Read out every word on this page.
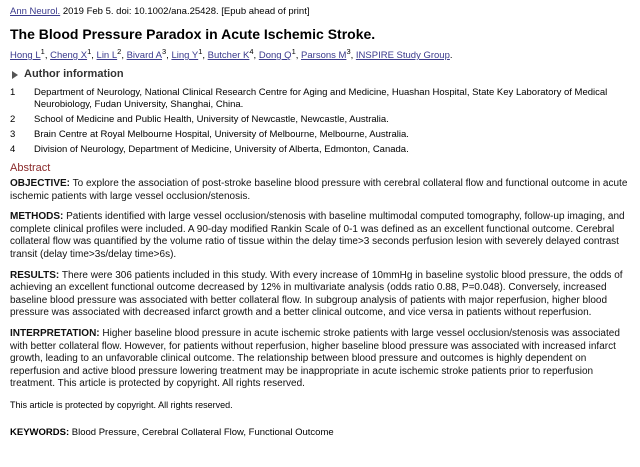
Ann Neurol. 2019 Feb 5. doi: 10.1002/ana.25428. [Epub ahead of print]
The Blood Pressure Paradox in Acute Ischemic Stroke.
Hong $L^1$, Cheng $X^1$, Lin $L^2$, Bivard $A^3$, Ling $Y^1$, Butcher $K^4$, Dong $Q^1$, Parsons $M^3$, INSPIRE Study Group.
Author information
1	Department of Neurology, National Clinical Research Centre for Aging and Medicine, Huashan Hospital, State Key Laboratory of Medical Neurobiology, Fudan University, Shanghai, China.
2	School of Medicine and Public Health, University of Newcastle, Newcastle, Australia.
3	Brain Centre at Royal Melbourne Hospital, University of Melbourne, Melbourne, Australia.
4	Division of Neurology, Department of Medicine, University of Alberta, Edmonton, Canada.
Abstract

OBJECTIVE: To explore the association of post-stroke baseline blood pressure with cerebral collateral flow and functional outcome in acute ischemic patients with large vessel occlusion/stenosis.

METHODS: Patients identified with large vessel occlusion/stenosis with baseline multimodal computed tomography, follow-up imaging, and complete clinical profiles were included. A 90-day modified Rankin Scale of 0-1 was defined as an excellent functional outcome. Cerebral collateral flow was quantified by the volume ratio of tissue within the delay time>3 seconds perfusion lesion with severely delayed contrast transit (delay time>3s/delay time>6s).

RESULTS: There were 306 patients included in this study. With every increase of 10mmHg in baseline systolic blood pressure, the odds of achieving an excellent functional outcome decreased by 12% in multivariate analysis (odds ratio 0.88, P=0.048). Conversely, increased baseline blood pressure was associated with better collateral flow. In subgroup analysis of patients with major reperfusion, higher blood pressure was associated with decreased infarct growth and a better clinical outcome, and vice versa in patients without reperfusion.

INTERPRETATION: Higher baseline blood pressure in acute ischemic stroke patients with large vessel occlusion/stenosis was associated with better collateral flow. However, for patients without reperfusion, higher baseline blood pressure was associated with increased infarct growth, leading to an unfavorable clinical outcome. The relationship between blood pressure and outcomes is highly dependent on reperfusion and active blood pressure lowering treatment may be inappropriate in acute ischemic stroke patients prior to reperfusion treatment. This article is protected by copyright. All rights reserved.

This article is protected by copyright. All rights reserved.
KEYWORDS: Blood Pressure, Cerebral Collateral Flow, Functional Outcome
